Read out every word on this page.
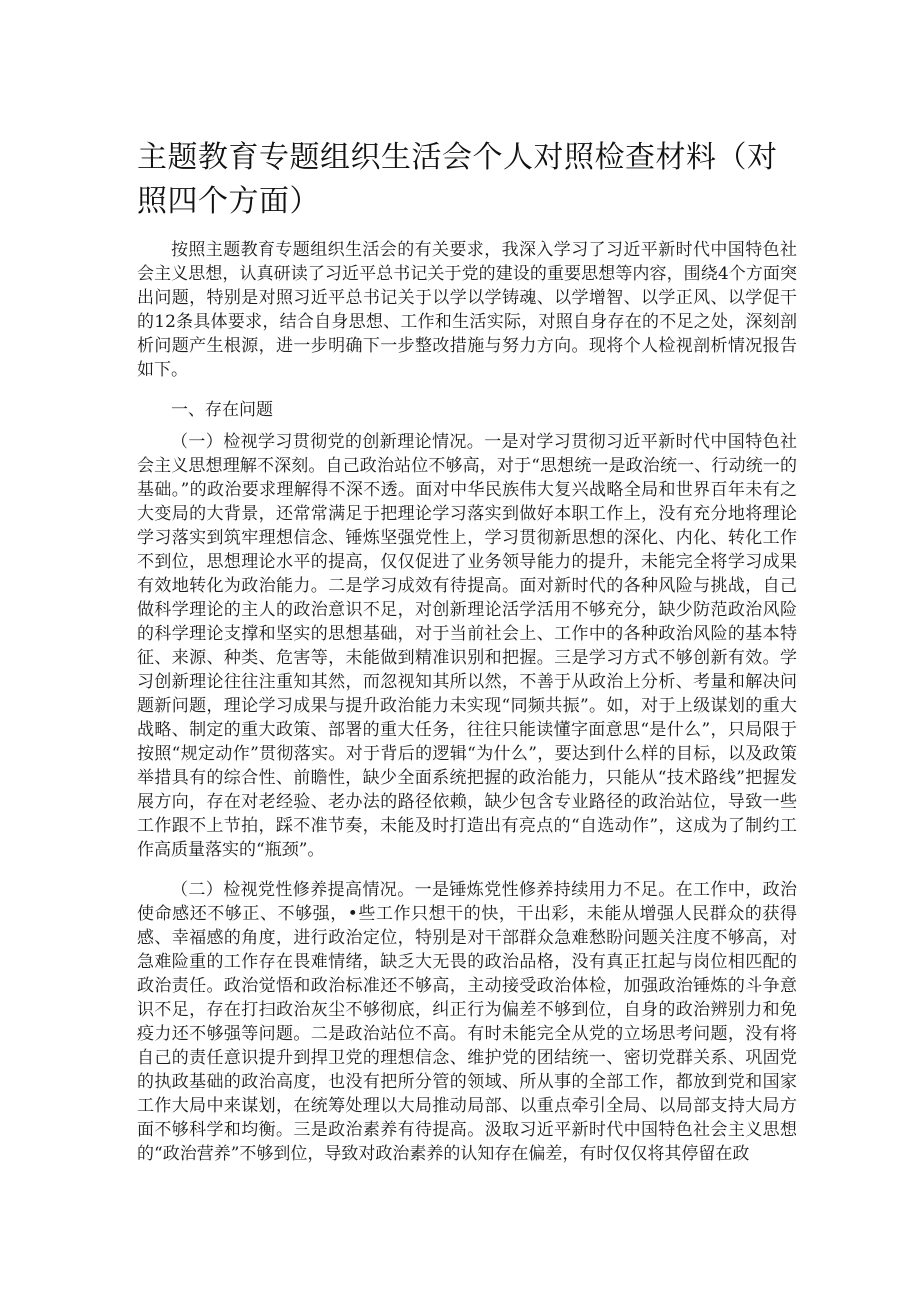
主题教育专题组织生活会个人对照检查材料（对照四个方面）

按照主题教育专题组织生活会的有关要求，我深入学习了习近平新时代中国特色社会主义思想，认真研读了习近平总书记关于党的建设的重要思想等内容，围绕4个方面突出问题，特别是对照习近平总书记关于以学以学铸魂、以学增智、以学正风、以学促干的12条具体要求，结合自身思想、工作和生活实际，对照自身存在的不足之处，深刻剖析问题产生根源，进一步明确下一步整改措施与努力方向。现将个人检视剖析情况报告如下。

一、存在问题

（一）检视学习贯彻党的创新理论情况。一是对学习贯彻习近平新时代中国特色社会主义思想理解不深刻。自己政治站位不够高，对于“思想统一是政治统一、行动统一的基础。”的政治要求理解得不深不透。面对中华民族伟大复兴战略全局和世界百年未有之大变局的大背景，还常常满足于把理论学习落实到做好本职工作上，没有充分地将理论学习落实到筑牢理想信念、锤炼坚强党性上，学习贯彻新思想的深化、内化、转化工作不到位，思想理论水平的提高，仅仅促进了业务领导能力的提升，未能完全将学习成果有效地转化为政治能力。二是学习成效有待提高。面对新时代的各种风险与挑战，自己做科学理论的主人的政治意识不足，对创新理论活学活用不够充分，缺少防范政治风险的科学理论支撑和坚实的思想基础，对于当前社会上、工作中的各种政治风险的基本特征、来源、种类、危害等，未能做到精准识别和把握。三是学习方式不够创新有效。学习创新理论往往注重知其然，而忽视知其所以然，不善于从政治上分析、考量和解决问题新问题，理论学习成果与提升政治能力未实现“同频共振”。如，对于上级谋划的重大战略、制定的重大政策、部署的重大任务，往往只能读懂字面意思“是什么”，只局限于按照“规定动作”贯彻落实。对于背后的逻辑“为什么”，要达到什么样的目标，以及政策举措具有的综合性、前瞻性，缺少全面系统把握的政治能力，只能从“技术路线”把握发展方向，存在对老经验、老办法的路径依赖，缺少包含专业路径的政治站位，导致一些工作跟不上节拍，踩不准节奏，未能及时打造出有亮点的“自选动作”，这成为了制约工作高质量落实的“瓶颈”。

（二）检视党性修养提高情况。一是锤炼党性修养持续用力不足。在工作中，政治使命感还不够正、不够强，•些工作只想干的快，干出彩，未能从增强人民群众的获得感、幸福感的角度，进行政治定位，特别是对干部群众急难愁盼问题关注度不够高，对急难险重的工作存在畏难情绪，缺乏大无畏的政治品格，没有真正扛起与岗位相匹配的政治责任。政治觉悟和政治标准还不够高，主动接受政治体检，加强政治锤炼的斗争意识不足，存在打扫政治灰尘不够彻底，纠正行为偏差不够到位，自身的政治辨别力和免疫力还不够强等问题。二是政治站位不高。有时未能完全从党的立场思考问题，没有将自己的责任意识提升到捍卫党的理想信念、维护党的团结统一、密切党群关系、巩固党的执政基础的政治高度，也没有把所分管的领域、所从事的全部工作，都放到党和国家工作大局中来谋划，在统筹处理以大局推动局部、以重点牵引全局、以局部支持大局方面不够科学和均衡。三是政治素养有待提高。汲取习近平新时代中国特色社会主义思想的“政治营养”不够到位，导致对政治素养的认知存在偏差，有时仅仅将其停留在政
